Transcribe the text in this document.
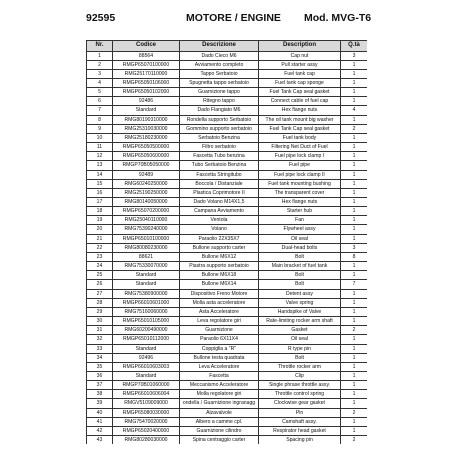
92595	MOTORE / ENGINE Mod. MVG-T6
Nr.	Codice	Descrizione	Description	Q.tà
1	88564	Dado Cieco M6	Cap nut	3
2	RMGP65070100000	Avviamento completo	Pull starter assy	1
3	RMG25170110000	Tappo Serbatoio	Fuel tank cap	1
4	RMGP65050106000	Spugnetta tappo serbatoio	Fuel tank cap sponge	1
5	RMGP65050102000	Guarnizione tappo	Fuel Tank Cap seal gasket	1
6	92486	Ritegno tappo	Connect cable of fuel cap	1
7	Standard	Dado Flangiato M6	Hex flange nuts	4
8	RMG80190310000	Rondella supporto Serbatoio	The oil tank mount big washer	1
9	RMG25310030000	Gommino supporto serbatoio	Fuel Tank Cap seal gasket	2
10	RMG25180230000	Serbatoio Benzina	Fuel tank body	1
11	RMGP65050500000	Filtro serbatoio	Filtering Net Duct of Fuel	1
12	RMGP65050600000	Fascetta Tubo benzina	Fuel pipe lock clamp I	1
13	RMGP70B05050000	Tubo Serbatoio Benzina	Fuel pipe	1
14	92489	Fascetta Stringitubo	Fuel pipe lock clamp II	1
15	RMG60240250000	Boccola / Distanziale	Fuel tank mounting bushing	1
16	RMG25190250000	Plastica Coprimotore II	The transparent cover	1
17	RMG80140050000	Dado Volano M14X1,5	Hex flange nuts	1
18	RMGP65070200000	Campana Avviamento	Starter hub	1
19	RMG25040110000	Ventola	Fan	1
20	RMG75390240000	Volano	Flywheel assy	1
21	RMGP65010100000	Paraolio 22X35X7	Oil seal	1
22	RMG80080230000	Bullone supporto carter	Dual-head bolts	3
23	88621	Bullone M6X12	Bolt	8
24	RMG75330070000	Piastra supporto serbatoio	Main bracket of fuel tank	1
25	Standard	Bullone M6X18	Bolt	1
26	Standard	Bullone M6X14	Bolt	7
27	RMG75380900000	Dispositivo Freno Motore	Detent assy	1
28	RMGP66010601000	Molla asta acceleratore	Valve spring	1
29	RMG75160060000	Asta Acceleratore	Handspike of Valve	1
30	RMGP65010105000	Leva regolatore giri	Rate-limiting rocker arm shaft	1
31	RMG60200490000	Guarnizione	Gasket	2
32	RMGP65010112000	Paraolio 6X11X4	Oil seal	1
33	Standard	Coppiglia a "R"	R type pin	1
34	92496	Bullone testa quadrata	Bolt	1
35	RMGP66010603003	Leva Acceleratore	Throttle rocker arm	1
36	Standard	Fascetta	Clip	1
37	RMGP70B01060000	Meccanismo Acceleratore	Single phrase throttle assy.	1
38	RMGP66010606004	Molla regolatore giri	Throttle control spring	1
39	RMGV5109009000	ondella / Guarnizione ingranagg	Clockwise gear gasket	1
40	RMGP65080030000	Alzavalvole	Pin	2
41	RMG75470020000	Albero a camme cpl.	Camshaft assy.	1
42	RMGP65020400000	Guarnizione cilindro	Respirator head gasket	1
43	RMG80280030000	Spina centraggio carter	Spacing pin	2
